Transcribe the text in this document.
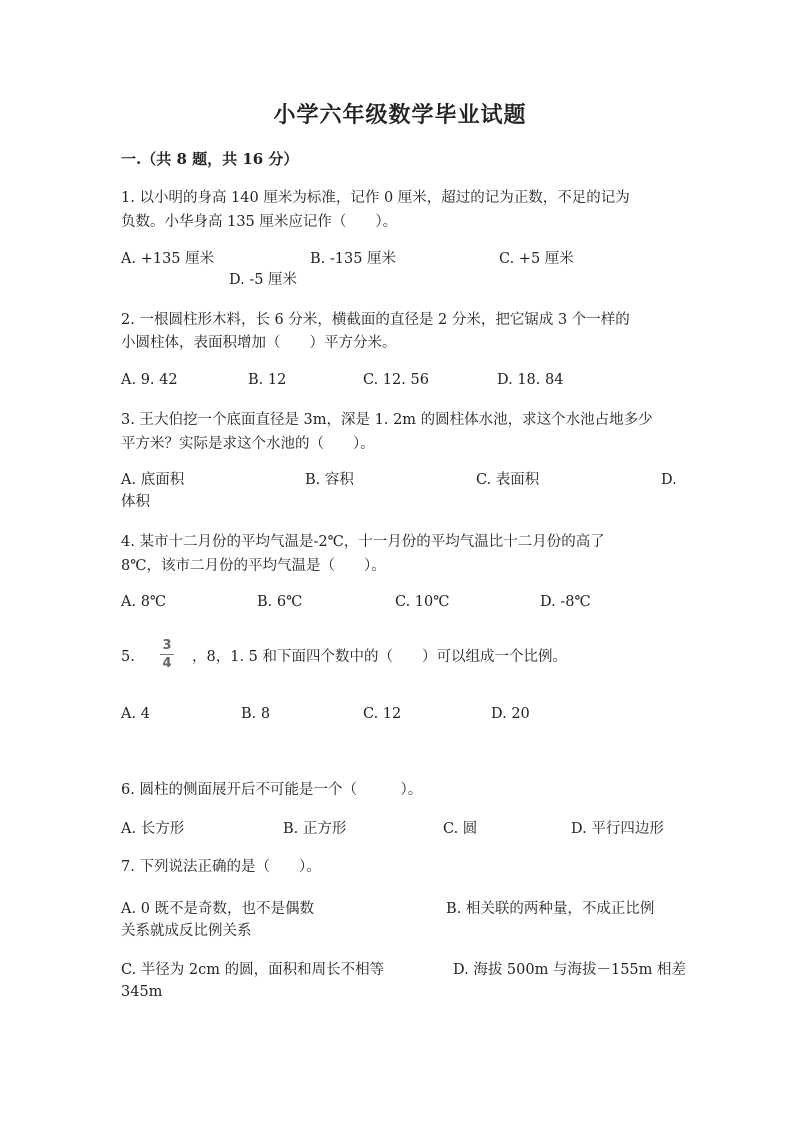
小学六年级数学毕业试题
一.（共 8 题，共 16 分）
1. 以小明的身高 140 厘米为标准，记作 0 厘米，超过的记为正数，不足的记为
负数。小华身高 135 厘米应记作（　　）。
A. +135 厘米	B. -135 厘米	C. +5 厘米
D. -5 厘米
2. 一根圆柱形木料，长 6 分米，横截面的直径是 2 分米，把它锯成 3 个一样的
小圆柱体，表面积增加（　　）平方分米。
A. 9. 42	B. 12	C. 12. 56	D. 18. 84
3. 王大伯挖一个底面直径是 3m，深是 1. 2m 的圆柱体水池，求这个水池占地多少
平方米？实际是求这个水池的（　　）。
A. 底面积	B. 容积	C. 表面积	D.
体积
4. 某市十二月份的平均气温是-2℃，十一月份的平均气温比十二月份的高了
8℃，该市二月份的平均气温是（　　）。
A. 8℃	B. 6℃	C. 10℃	D. -8℃
5.
3
4 ，8，1. 5 和下面四个数中的（　　）可以组成一个比例。
A. 4	B. 8	C. 12	D. 20
6. 圆柱的侧面展开后不可能是一个（　　　）。
A. 长方形	B. 正方形	C. 圆	D. 平行四边形
7. 下列说法正确的是（　　）。
A. 0 既不是奇数，也不是偶数	B. 相关联的两种量，不成正比例
关系就成反比例关系
C. 半径为 2cm 的圆，面积和周长不相等	D. 海拔 500m 与海拔－155m 相差
345m
